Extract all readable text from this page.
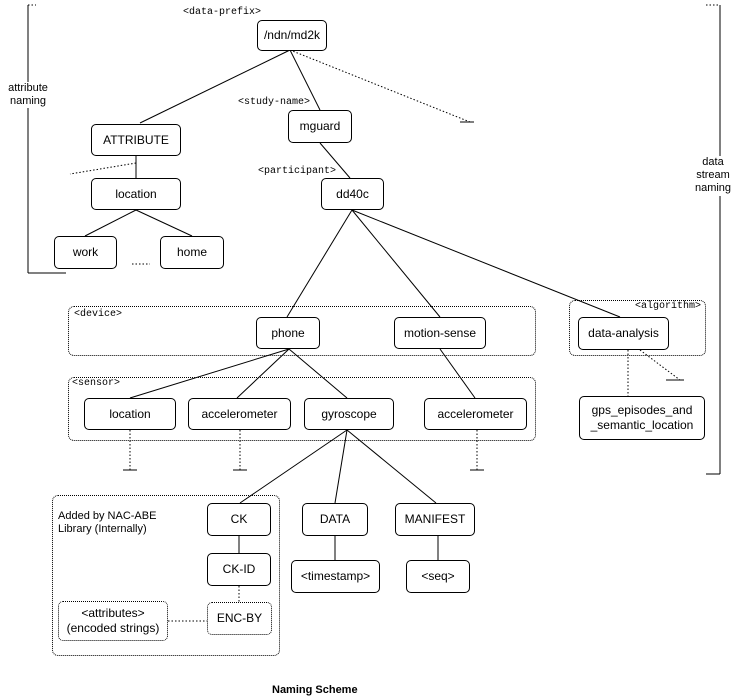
<data-prefix>
<study-name>
<participant>
<device>
<sensor>
<algorithm>
attribute naming
data stream naming
/ndn/md2k
ATTRIBUTE
location
work	home
mguard
dd40c
phone	motion-sense	data-analysis
location	accelerometer	gyroscope	accelerometer	gps_episodes_and _semantic_location
Added by NAC-ABE Library (Internally)
CK	DATA	MANIFEST
CK-ID	<timestamp>	<seq>
ENC-BY
<attributes> (encoded strings)
Naming Scheme
